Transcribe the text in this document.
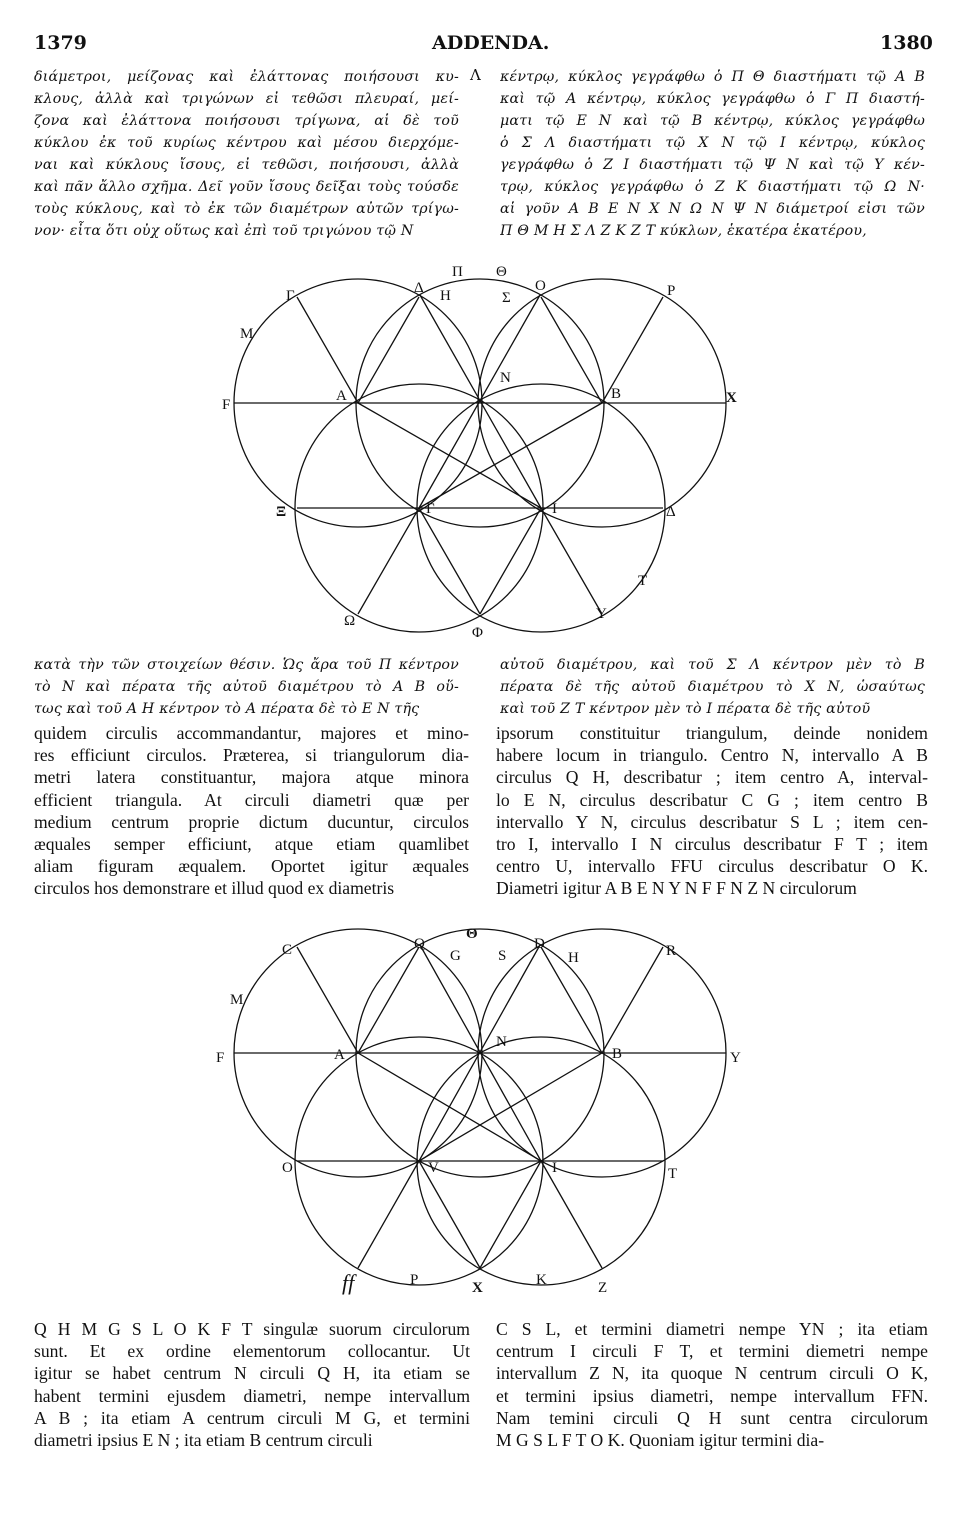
1379	ADDENDA.	1380
διάμετροι, μείζονας καὶ ἐλάττονας ποιήσουσι κυ-
κλους, ἀλλὰ καὶ τριγώνων εἰ τεθῶσι πλευραί, μεί-
ζονα καὶ ἐλάττονα ποιήσουσι τρίγωνα, αἱ δὲ τοῦ
κύκλου ἐκ τοῦ κυρίως κέντρου καὶ μέσου διερχόμε-
ναι καὶ κύκλους ἴσους, εἰ τεθῶσι, ποιήσουσι, ἀλλὰ
καὶ πᾶν ἄλλο σχῆμα. Δεῖ γοῦν ἴσους δεῖξαι τοὺς τούσδε
τοὺς κύκλους, καὶ τὸ ἐκ τῶν διαμέτρων αὐτῶν τρίγω-
νον· εἶτα ὅτι οὐχ οὕτως καὶ ἐπὶ τοῦ τριγώνου τῷ Ν
Λ κέντρῳ, κύκλος γεγράφθω ὁ Π Θ διαστήματι τῷ Α Β
καὶ τῷ Α κέντρῳ, κύκλος γεγράφθω ὁ Γ Π διαστή-
ματι τῷ Ε Ν καὶ τῷ Β κέντρῳ, κύκλος γεγράφθω
ὁ Σ Λ διαστήματι τῷ Χ Ν τῷ Ι κέντρῳ, κύκλος
γεγράφθω ὁ Ζ Ι διαστήματι τῷ Ψ Ν καὶ τῷ Υ κέν-
τρῳ, κύκλος γεγράφθω ὁ Ζ Κ διαστήματι τῷ Ω Ν·
αἱ γοῦν Α Β Ε Ν Χ Ν Ω Ν Ψ Ν διάμετροί εἰσι τῶν
Π Θ Μ Η Σ Λ Ζ Κ Ζ Τ κύκλων, ἑκατέρα ἑκατέρου,
Π Θ
Γ	Δ Η	Σ
O	P
M
F
A
N
B	X
Ξ	Γ	I	Δ
T
Y
Ω
Φ
Θ
C	Q
G S
D
H	R
M
F	A
N
B	Y
O	V	I	T
ff	P	X	K	Z
κατὰ τὴν τῶν στοιχείων θέσιν. Ὡς ἄρα τοῦ Π κέντρον
τὸ Ν καὶ πέρατα τῆς αὐτοῦ διαμέτρου τὸ Α Β οὕ-
τως καὶ τοῦ Α Η κέντρον τὸ Α πέρατα δὲ τὸ Ε Ν τῆς
αὐτοῦ διαμέτρου, καὶ τοῦ Σ Λ κέντρον μὲν τὸ Β
πέρατα δὲ τῆς αὐτοῦ διαμέτρου τὸ Χ Ν, ὡσαύτως
καὶ τοῦ Ζ Τ κέντρον μὲν τὸ Ι πέρατα δὲ τῆς αὐτοῦ
quidem circulis accommandantur, majores et mino-
res efficiunt circulos. Præterea, si triangulorum dia-
metri latera constituantur, majora atque minora
efficient triangula. At circuli diametri quæ per
medium centrum proprie dictum ducuntur, circulos
æquales semper efficiunt, atque etiam quamlibet
aliam figuram æqualem. Oportet igitur æquales
circulos hos demonstrare et illud quod ex diametris
ipsorum constituitur triangulum, deinde nonidem
habere locum in triangulo. Centro N, intervallo A B
circulus Q H, describatur ; item centro A, interval-
lo E N, circulus describatur C G ; item centro B
intervallo Y N, circulus describatur S L ; item cen-
tro I, intervallo I N circulus describatur F T ; item
centro U, intervallo FFU circulus describatur O K.
Diametri igitur A B E N Y N F F N Z N circulorum
Q H M G S L O K F T singulæ suorum circulorum
sunt. Et ex ordine elementorum collocantur. Ut
igitur se habet centrum N circuli Q H, ita etiam se
habent termini ejusdem diametri, nempe intervallum
A B ; ita etiam A centrum circuli M G, et termini
diametri ipsius E N ; ita etiam B centrum circuli
C S L, et termini diametri nempe YN ; ita etiam
centrum I circuli F T, et termini diemetri nempe
intervallum Z N, ita quoque N centrum circuli O K,
et termini ipsius diametri, nempe intervallum FFN.
Nam temini circuli Q H sunt centra circulorum
M G S L F T O K. Quoniam igitur termini dia-
